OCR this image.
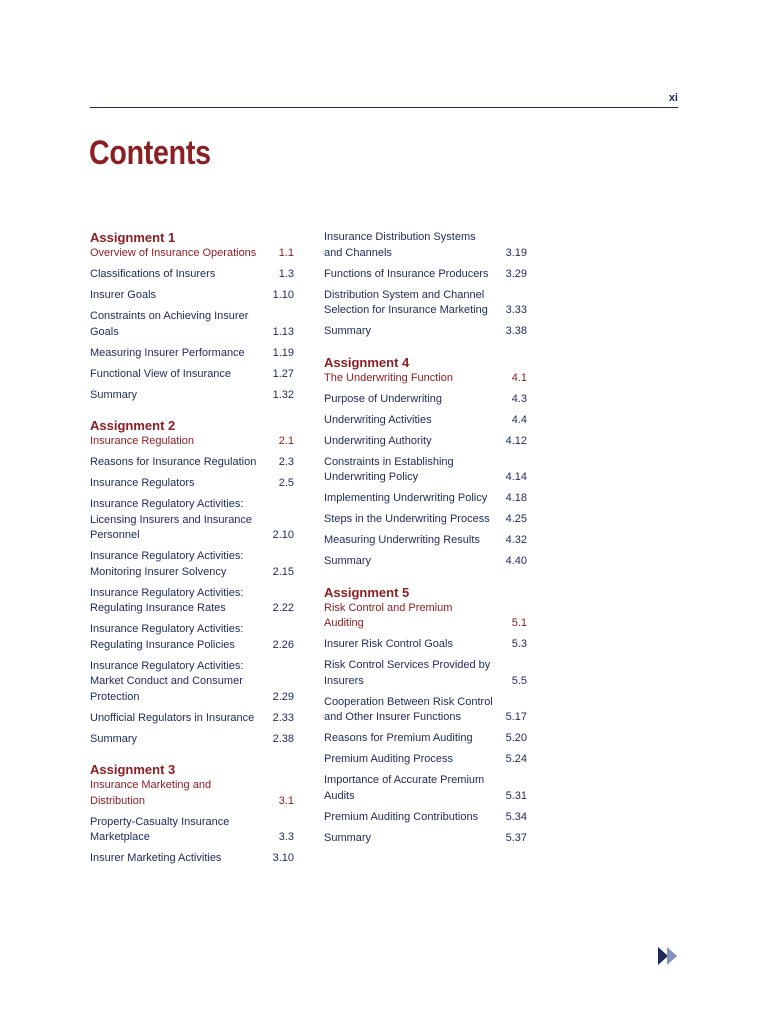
xi
Contents
Assignment 1
Overview of Insurance Operations 1.1
Classifications of Insurers	1.3
Insurer Goals	1.10
Constraints on Achieving Insurer
Goals	1.13
Measuring Insurer Performance	1.19
Functional View of Insurance	1.27
Summary	1.32
Assignment 2
Insurance Regulation	2.1
Reasons for Insurance Regulation 2.3
Insurance Regulators	2.5
Insurance Regulatory Activities:
Licensing Insurers and Insurance
Personnel	2.10
Insurance Regulatory Activities:
Monitoring Insurer Solvency	2.15
Insurance Regulatory Activities:
Regulating Insurance Rates	2.22
Insurance Regulatory Activities:
Regulating Insurance Policies	2.26
Insurance Regulatory Activities:
Market Conduct and Consumer
Protection	2.29
Unofficial Regulators in Insurance 2.33
Summary	2.38
Assignment 3
Insurance Marketing and Distribution	3.1
Property-Casualty Insurance
Marketplace	3.3
Insurer Marketing Activities	3.10
Insurance Distribution Systems
and Channels	3.19
Functions of Insurance Producers 3.29
Distribution System and Channel
Selection for Insurance Marketing 3.33
Summary	3.38
Assignment 4
The Underwriting Function	4.1
Purpose of Underwriting	4.3
Underwriting Activities	4.4
Underwriting Authority	4.12
Constraints in Establishing
Underwriting Policy	4.14
Implementing Underwriting Policy 4.18
Steps in the Underwriting Process 4.25
Measuring Underwriting Results 4.32
Summary	4.40
Assignment 5
Risk Control and Premium Auditing	5.1
Insurer Risk Control Goals	5.3
Risk Control Services Provided by
Insurers	5.5
Cooperation Between Risk Control
and Other Insurer Functions	5.17
Reasons for Premium Auditing	5.20
Premium Auditing Process	5.24
Importance of Accurate Premium
Audits	5.31
Premium Auditing Contributions	5.34
Summary	5.37
